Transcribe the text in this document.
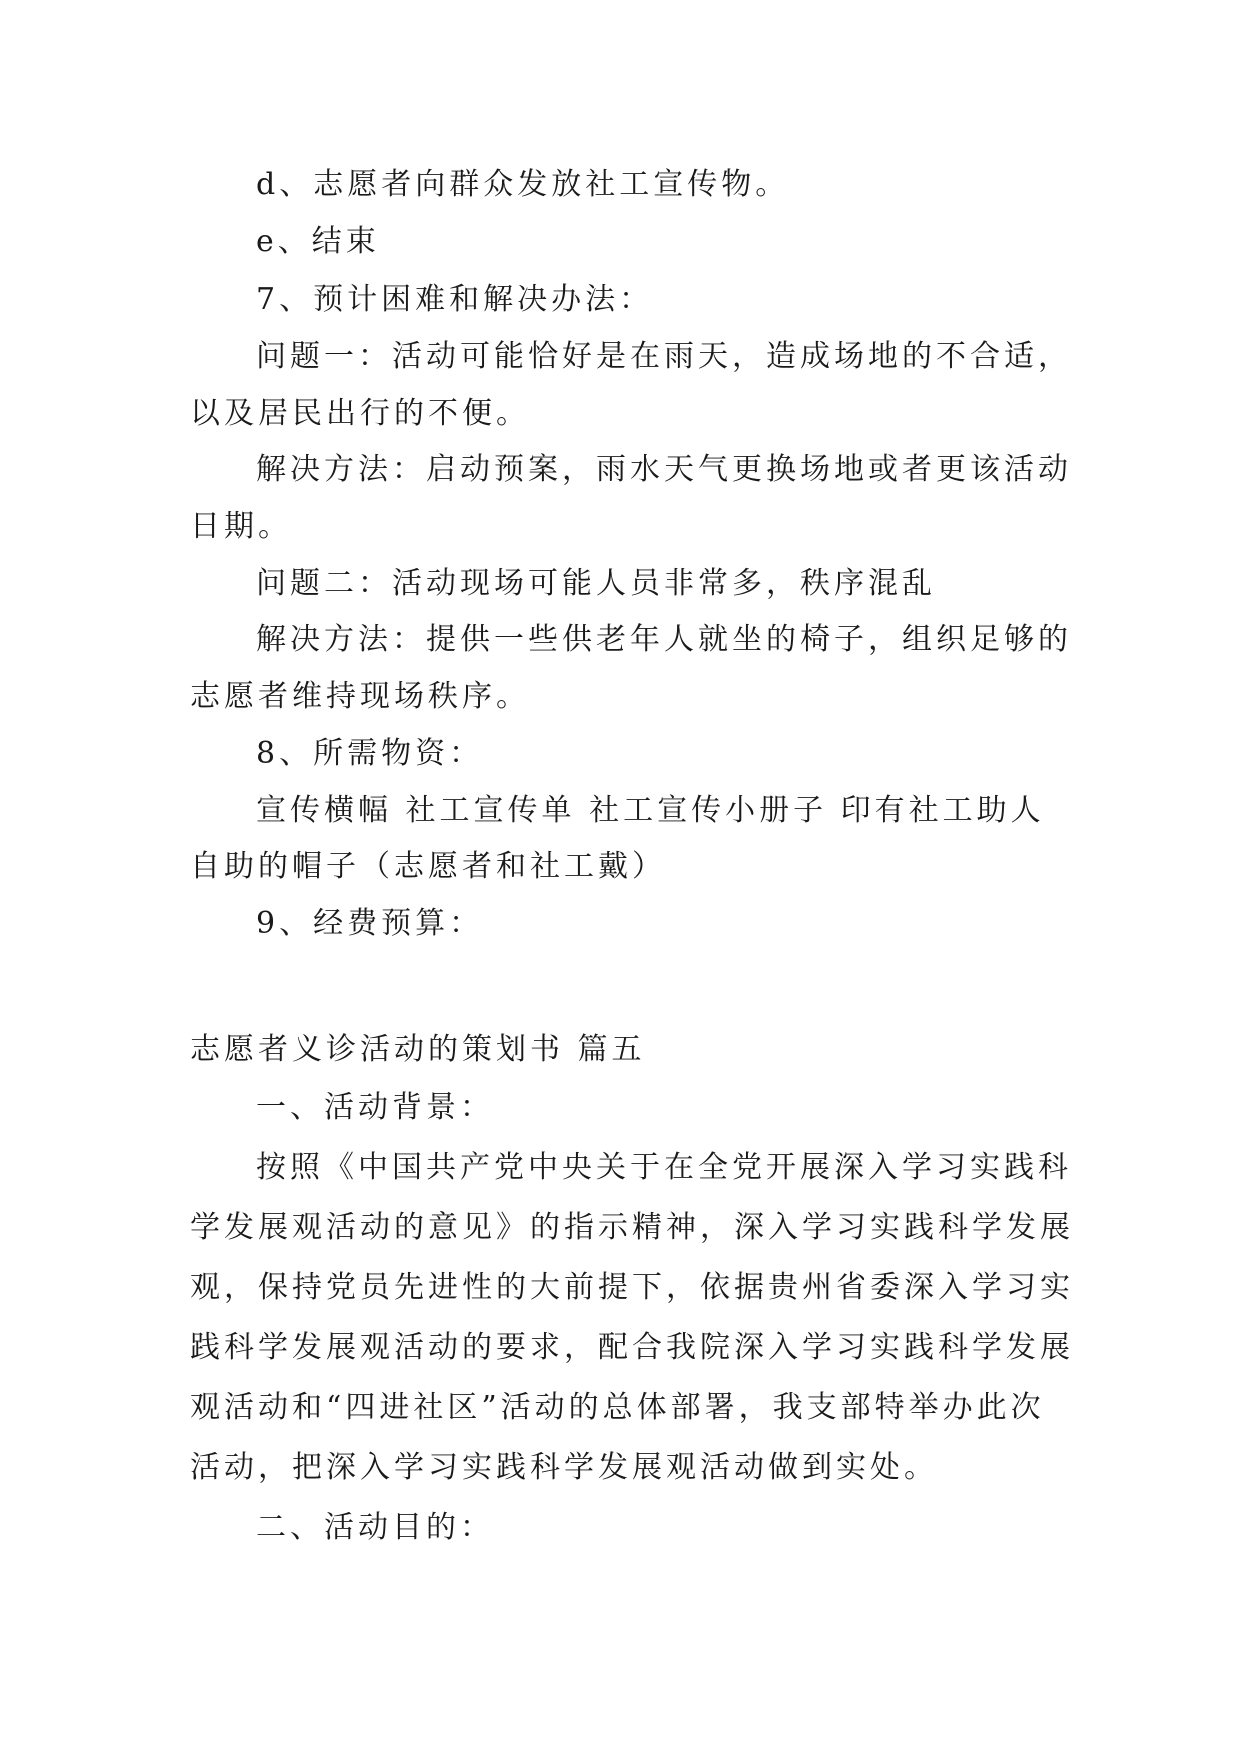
d、志愿者向群众发放社工宣传物。
e、结束
7、预计困难和解决办法：
问题一：活动可能恰好是在雨天，造成场地的不合适，
以及居民出行的不便。
解决方法：启动预案，雨水天气更换场地或者更该活动
日期。
问题二：活动现场可能人员非常多，秩序混乱
解决方法：提供一些供老年人就坐的椅子，组织足够的
志愿者维持现场秩序。
8、所需物资：
宣传横幅 社工宣传单 社工宣传小册子 印有社工助人
自助的帽子（志愿者和社工戴）
9、经费预算：
志愿者义诊活动的策划书 篇五
一、活动背景：
按照《中国共产党中央关于在全党开展深入学习实践科
学发展观活动的意见》的指示精神，深入学习实践科学发展
观，保持党员先进性的大前提下，依据贵州省委深入学习实
践科学发展观活动的要求，配合我院深入学习实践科学发展
观活动和“四进社区”活动的总体部署，我支部特举办此次
活动，把深入学习实践科学发展观活动做到实处。
二、活动目的：
